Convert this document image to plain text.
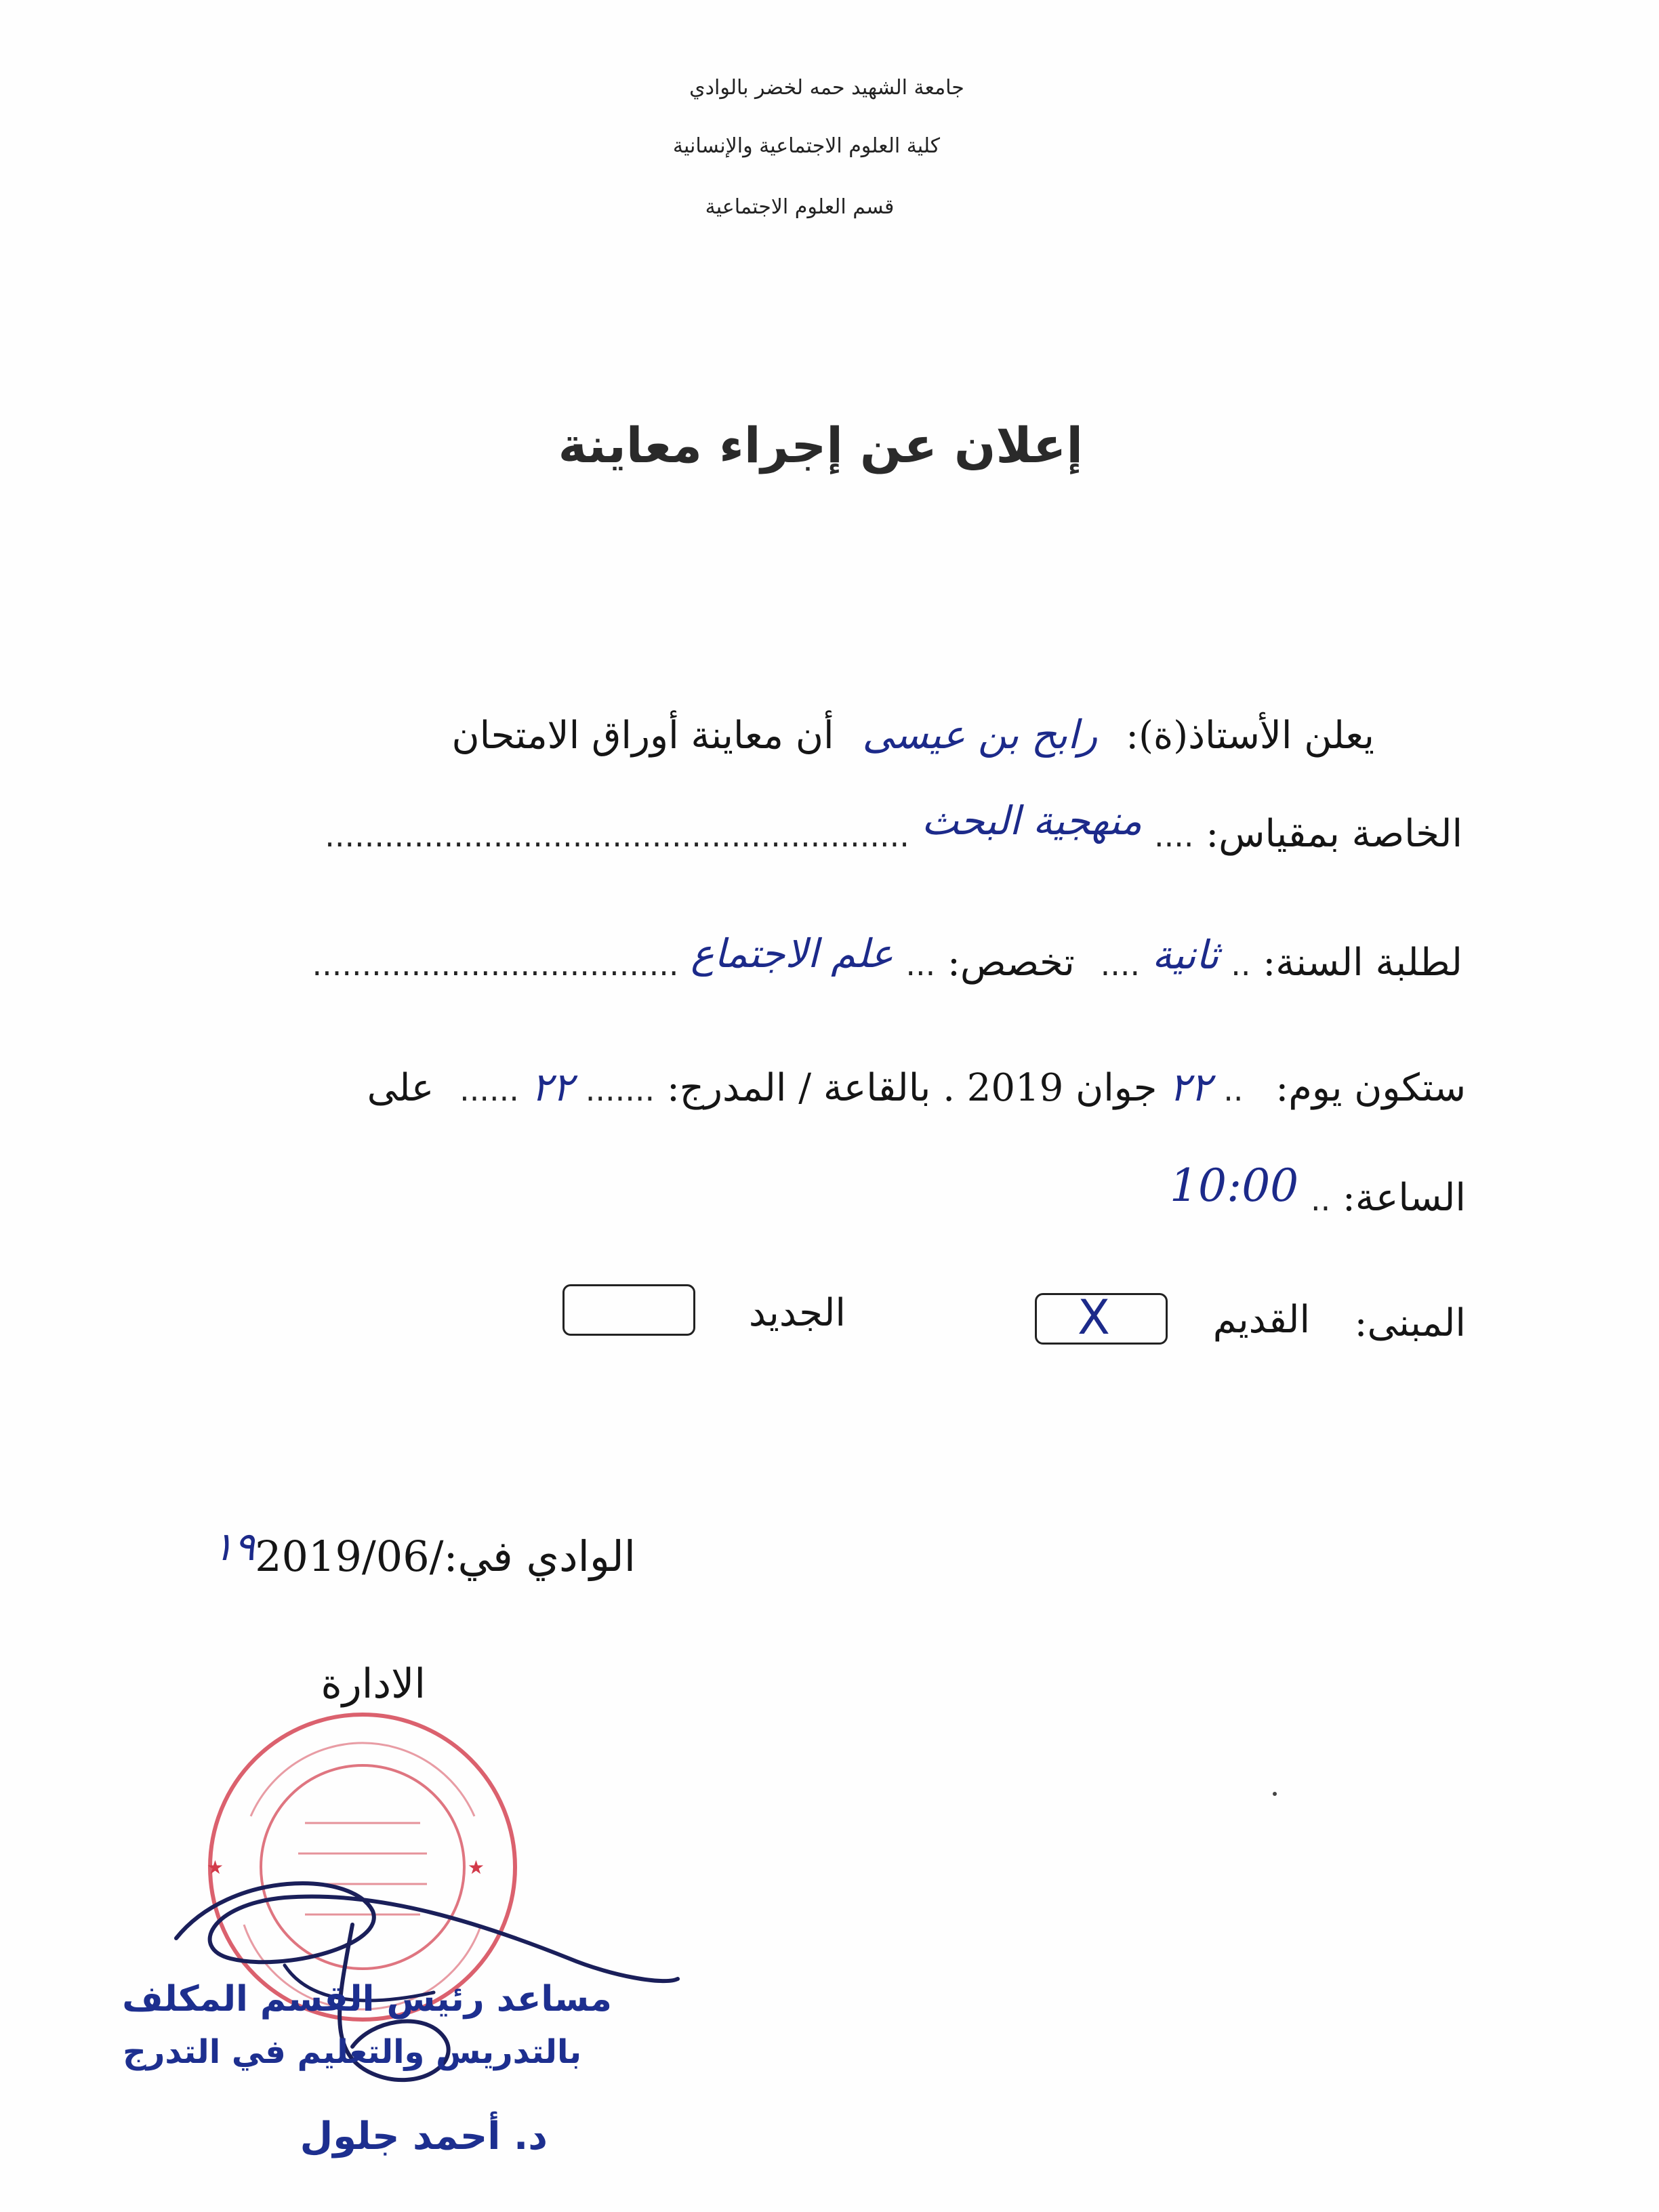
جامعة الشهيد حمه لخضر بالوادي
كلية العلوم الاجتماعية والإنسانية
قسم العلوم الاجتماعية
إعلان عن إجراء معاينة
يعلن الأستاذ(ة): رابح بن عيسى أن معاينة أوراق الامتحان
الخاصة بمقياس: .... منهجية البحث ...........................................................
لطلبة السنة: .. ثانية .... تخصص: ... علم الاجتماع .....................................
ستكون يوم: .. ٢٢ جوان 2019 . بالقاعة / المدرج: ....... ٢٢ ...... على
الساعة: .. 10:00
المبنى:
القديم
X
الجديد
الوادي في:١٩2019/06/
الادارة
★	★
مساعد رئيس القسم المكلف
بالتدريس والتعليم في التدرج
د. أحمد جلول
